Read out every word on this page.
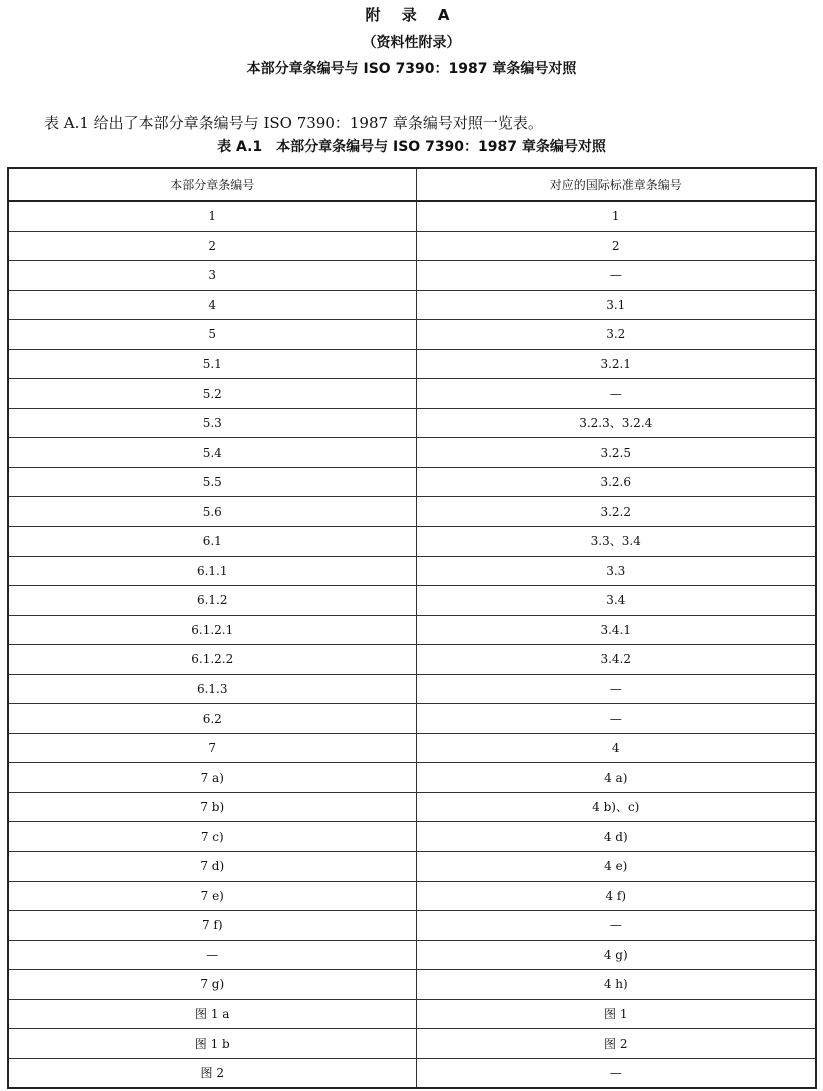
附 录 A
（资料性附录）
本部分章条编号与 ISO 7390：1987 章条编号对照
表 A.1 给出了本部分章条编号与 ISO 7390：1987 章条编号对照一览表。
表 A.1　本部分章条编号与 ISO 7390：1987 章条编号对照
本部分章条编号	对应的国际标准章条编号
1	1
2	2
3	—
4	3.1
5	3.2
5.1	3.2.1
5.2	—
5.3	3.2.3、3.2.4
5.4	3.2.5
5.5	3.2.6
5.6	3.2.2
6.1	3.3、3.4
6.1.1	3.3
6.1.2	3.4
6.1.2.1	3.4.1
6.1.2.2	3.4.2
6.1.3	—
6.2	—
7	4
7 a)	4 a)
7 b)	4 b)、c)
7 c)	4 d)
7 d)	4 e)
7 e)	4 f)
7 f)	—
—	4 g)
7 g)	4 h)
图 1 a	图 1
图 1 b	图 2
图 2	—
